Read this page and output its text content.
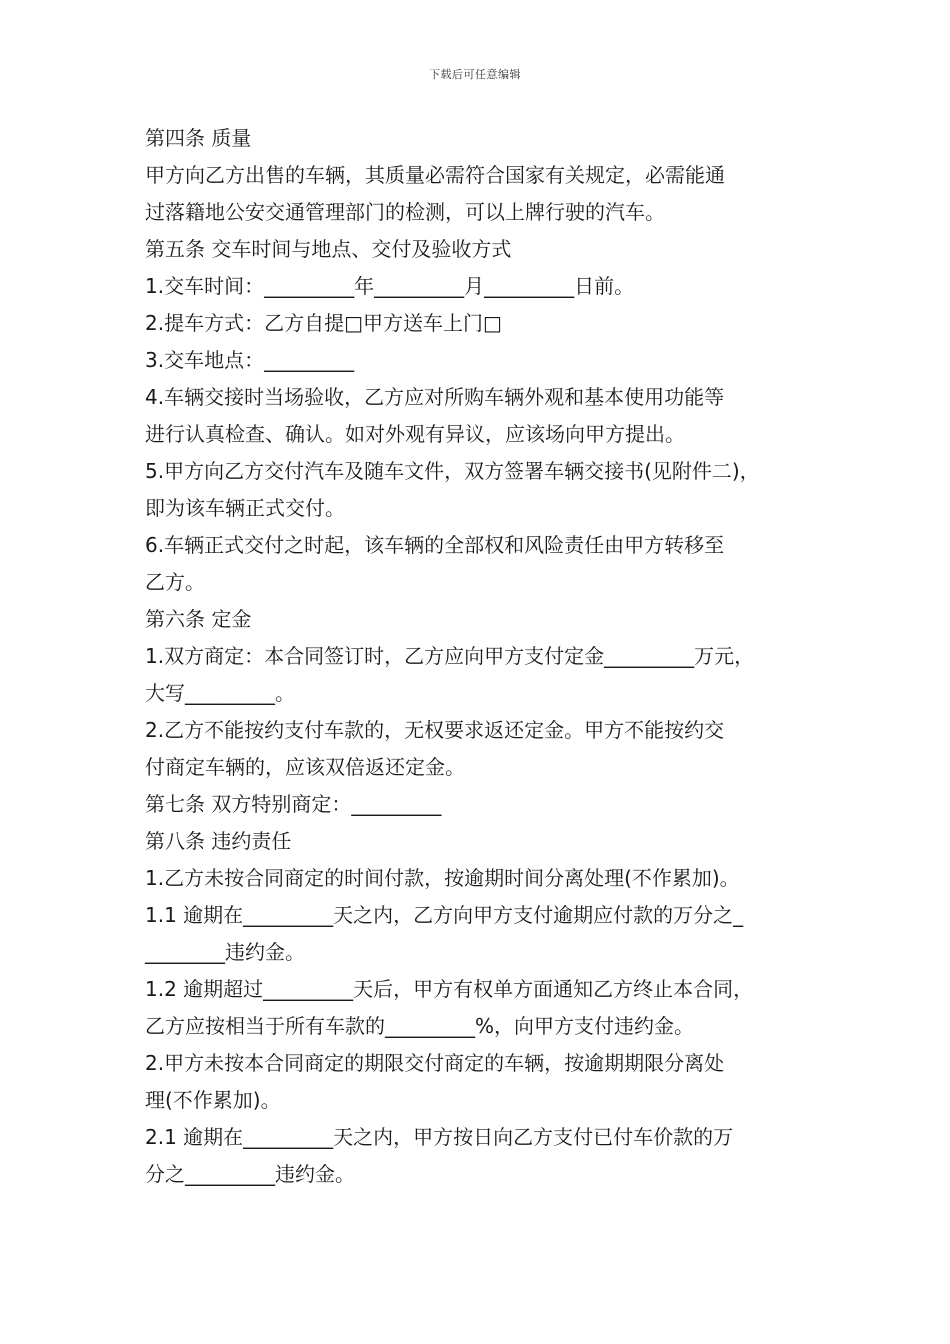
下载后可任意编辑
第四条 质量
甲方向乙方出售的车辆，其质量必需符合国家有关规定，必需能通
过落籍地公安交通管理部门的检测，可以上牌行驶的汽车。
第五条 交车时间与地点、交付及验收方式
1.交车时间：_________年_________月_________日前。
2.提车方式：乙方自提□甲方送车上门□
3.交车地点：_________
4.车辆交接时当场验收，乙方应对所购车辆外观和基本使用功能等
进行认真检查、确认。如对外观有异议，应该场向甲方提出。
5.甲方向乙方交付汽车及随车文件，双方签署车辆交接书(见附件二)，
即为该车辆正式交付。
6.车辆正式交付之时起，该车辆的全部权和风险责任由甲方转移至
乙方。
第六条 定金
1.双方商定：本合同签订时，乙方应向甲方支付定金_________万元，
大写_________。
2.乙方不能按约支付车款的，无权要求返还定金。甲方不能按约交
付商定车辆的，应该双倍返还定金。
第七条 双方特别商定：_________
第八条 违约责任
1.乙方未按合同商定的时间付款，按逾期时间分离处理(不作累加)。
1.1 逾期在_________天之内，乙方向甲方支付逾期应付款的万分之_
________违约金。
1.2 逾期超过_________天后，甲方有权单方面通知乙方终止本合同，
乙方应按相当于所有车款的_________%，向甲方支付违约金。
2.甲方未按本合同商定的期限交付商定的车辆，按逾期期限分离处
理(不作累加)。
2.1 逾期在_________天之内，甲方按日向乙方支付已付车价款的万
分之_________违约金。
